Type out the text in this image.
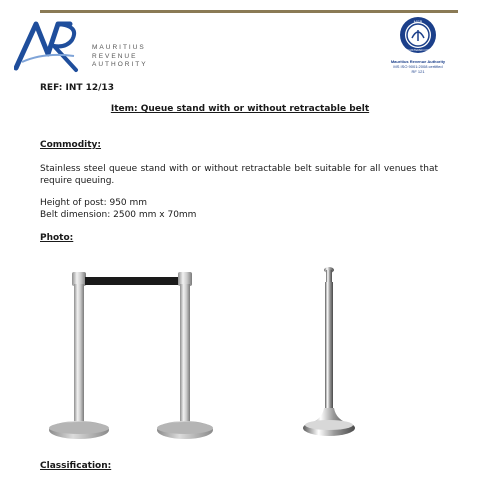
MAURITIUS
REVENUE
AUTHORITY
MSB
REGISTERED FIRM
Mauritius Revenue Authority
MS ISO 9001:2008 certified
RF 121
REF: INT 12/13
Item: Queue stand with or without retractable belt
Commodity:
Stainless steel queue stand with or without retractable belt suitable for all venues that require queuing.
Height of post: 950 mm
Belt dimension: 2500 mm x 70mm
Photo:
Classification:
